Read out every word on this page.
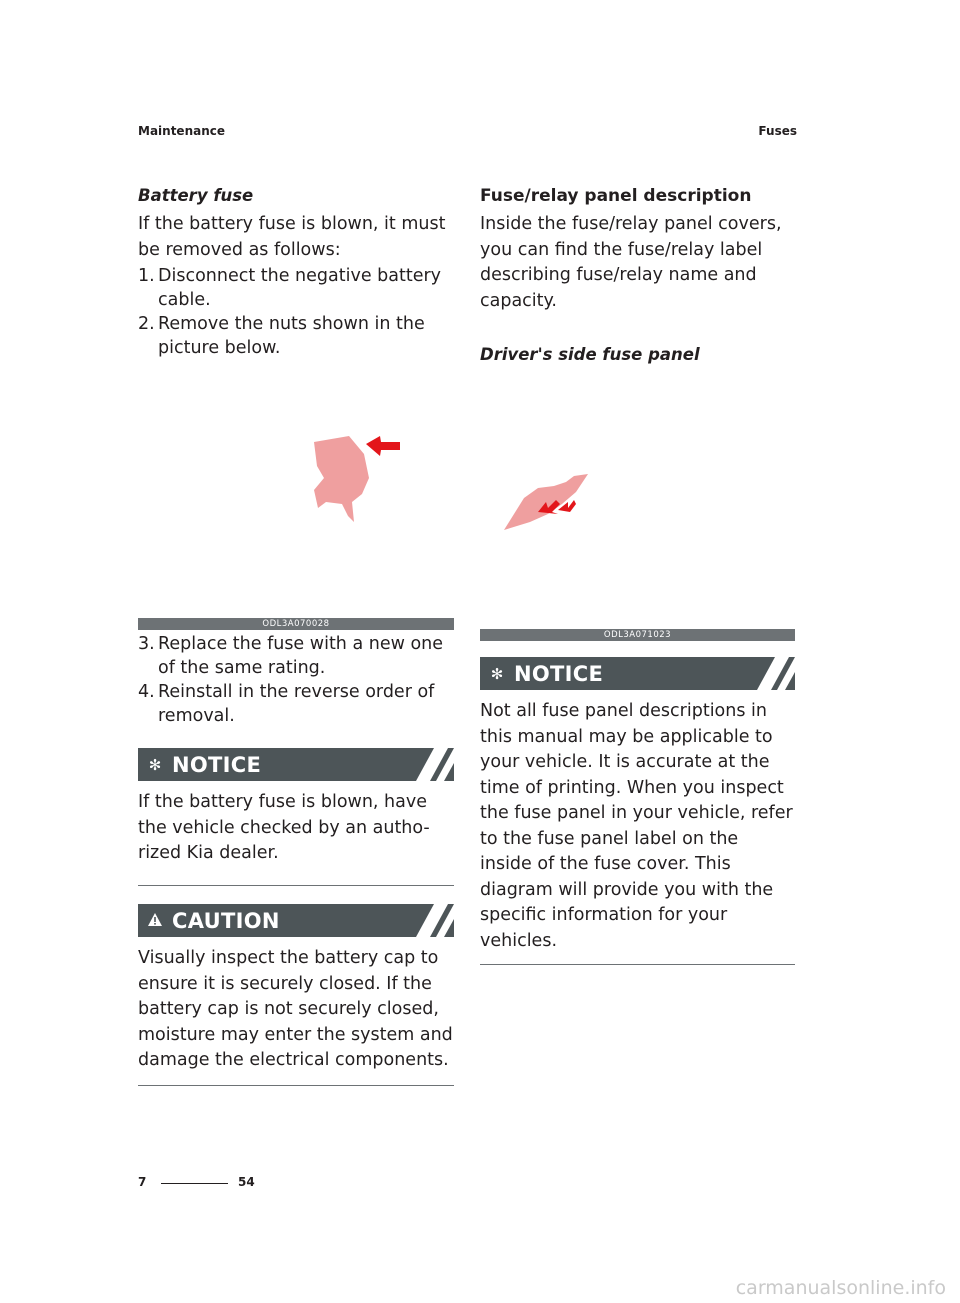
Maintenance	Fuses

Battery fuse

If the battery fuse is blown, it must be removed as follows:

1. Disconnect the negative battery cable.
2. Remove the nuts shown in the picture below.
ODL3A070028
3. Replace the fuse with a new one of the same rating.
4. Reinstall in the reverse order of removal.
✻ NOTICE

If the battery fuse is blown, have the vehicle checked by an autho-rized Kia dealer.

CAUTION

Visually inspect the battery cap to ensure it is securely closed. If the battery cap is not securely closed, moisture may enter the system and damage the electrical components.

Fuse/relay panel description

Inside the fuse/relay panel covers, you can find the fuse/relay label describing fuse/relay name and capacity.

Driver's side fuse panel

ODL3A071023
✻ NOTICE

Not all fuse panel descriptions in this manual may be applicable to your vehicle. It is accurate at the time of printing. When you inspect the fuse panel in your vehicle, refer to the fuse panel label on the inside of the fuse cover. This diagram will provide you with the specific information for your vehicles.

7	54
carmanualsonline.info
